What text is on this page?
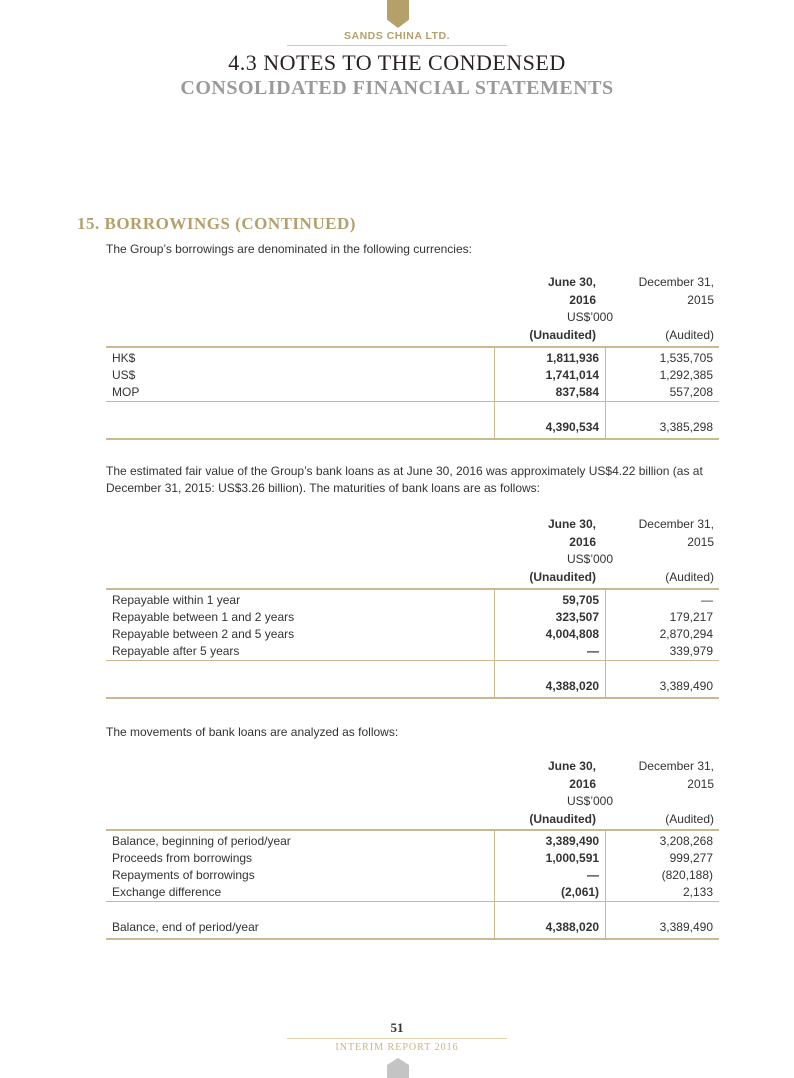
SANDS CHINA LTD.
4.3 NOTES TO THE CONDENSED
CONSOLIDATED FINANCIAL STATEMENTS
15. BORROWINGS (CONTINUED)
The Group’s borrowings are denominated in the following currencies:
June 30,	December 31,
2016	2015
US$’000
(Unaudited)	(Audited)
HK$	1,811,936	1,535,705
US$	1,741,014	1,292,385
MOP	837,584	557,208

	4,390,534	3,385,298
The estimated fair value of the Group’s bank loans as at June 30, 2016 was approximately US$4.22 billion (as at December 31, 2015: US$3.26 billion). The maturities of bank loans are as follows:
June 30,	December 31,
2016	2015
US$’000
(Unaudited)	(Audited)
Repayable within 1 year	59,705	—
Repayable between 1 and 2 years	323,507	179,217
Repayable between 2 and 5 years	4,004,808	2,870,294
Repayable after 5 years	—	339,979

	4,388,020	3,389,490
The movements of bank loans are analyzed as follows:
June 30,	December 31,
2016	2015
US$’000
(Unaudited)	(Audited)
Balance, beginning of period/year	3,389,490	3,208,268
Proceeds from borrowings	1,000,591	999,277
Repayments of borrowings	—	(820,188)
Exchange difference	(2,061)	2,133

Balance, end of period/year	4,388,020	3,389,490
51
INTERIM REPORT 2016
